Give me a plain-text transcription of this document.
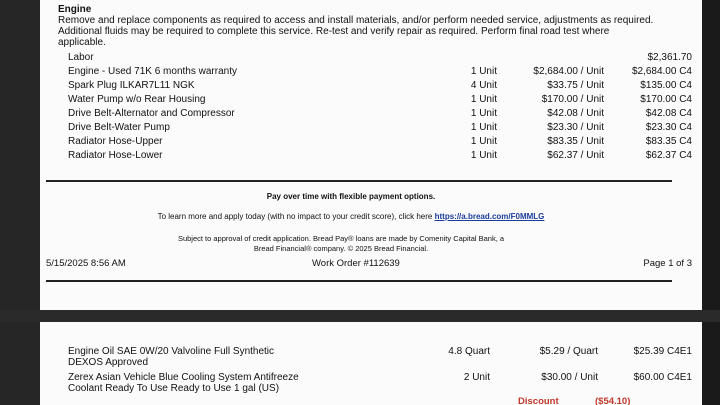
Engine
Remove and replace components as required to access and install materials, and/or perform needed service, adjustments as required. Additional fluids may be required to complete this service. Re-test and verify repair as required. Perform final road test where applicable.
Labor	$2,361.70
Engine - Used 71K 6 months warranty	1 Unit	$2,684.00 / Unit	$2,684.00 C4
Spark Plug ILKAR7L11 NGK	4 Unit	$33.75 / Unit	$135.00 C4
Water Pump w/o Rear Housing	1 Unit	$170.00 / Unit	$170.00 C4
Drive Belt-Alternator and Compressor	1 Unit	$42.08 / Unit	$42.08 C4
Drive Belt-Water Pump	1 Unit	$23.30 / Unit	$23.30 C4
Radiator Hose-Upper	1 Unit	$83.35 / Unit	$83.35 C4
Radiator Hose-Lower	1 Unit	$62.37 / Unit	$62.37 C4
Pay over time with flexible payment options.
To learn more and apply today (with no impact to your credit score), click here https://a.bread.com/F0MMLG
Subject to approval of credit application. Bread Pay® loans are made by Comenity Capital Bank, a Bread Financial® company. © 2025 Bread Financial.
5/15/2025 8:56 AM	Work Order #112639	Page 1 of 3
Engine Oil SAE 0W/20 Valvoline Full Synthetic
DEXOS Approved
4.8 Quart	$5.29 / Quart	$25.39 C4E1
Zerex Asian Vehicle Blue Cooling System Antifreeze
Coolant Ready To Use Ready to Use 1 gal (US)
2 Unit	$30.00 / Unit	$60.00 C4E1
Discount	($54.10)
